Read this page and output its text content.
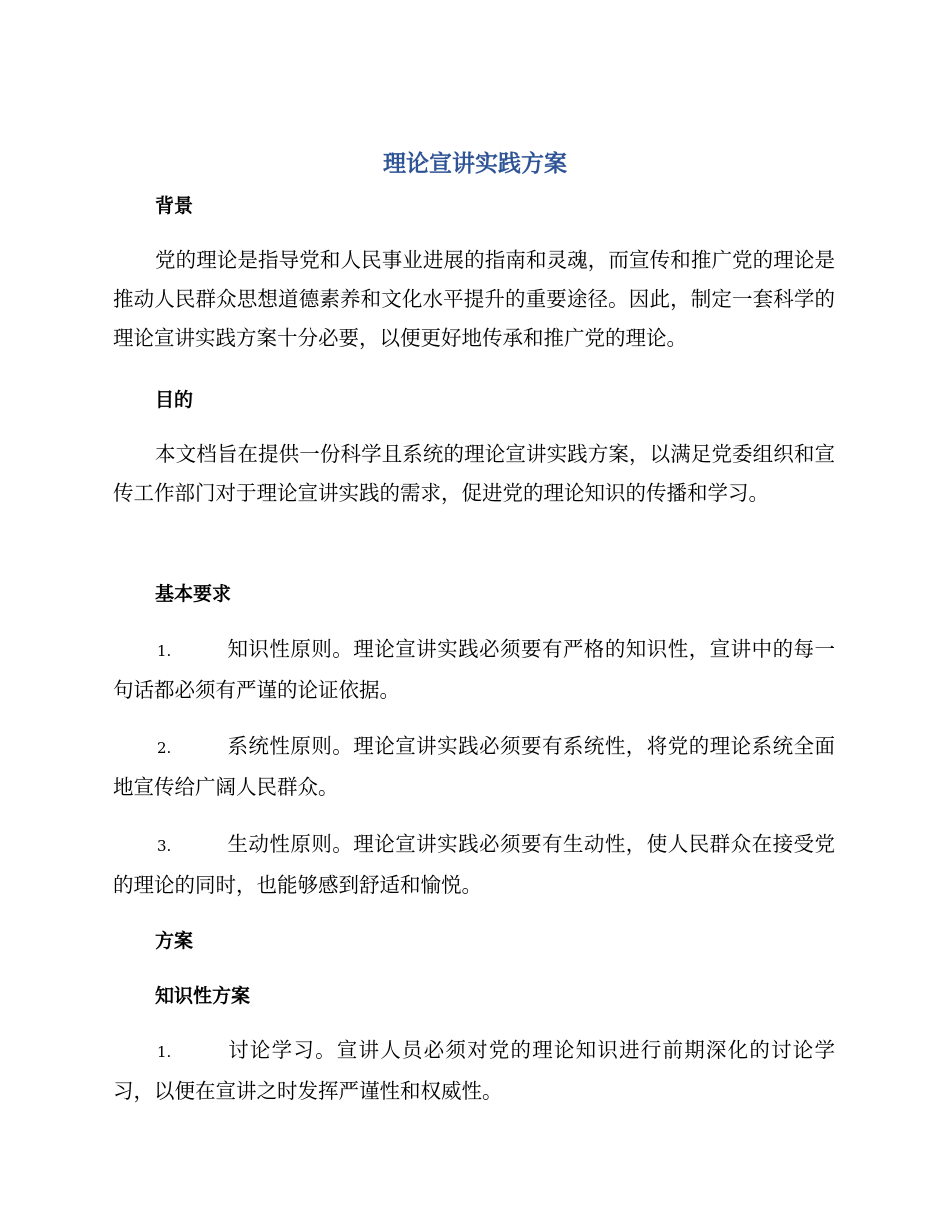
理论宣讲实践方案
背景
党的理论是指导党和人民事业进展的指南和灵魂，而宣传和推广党的理论是推动人民群众思想道德素养和文化水平提升的重要途径。因此，制定一套科学的理论宣讲实践方案十分必要，以便更好地传承和推广党的理论。
目的
本文档旨在提供一份科学且系统的理论宣讲实践方案，以满足党委组织和宣传工作部门对于理论宣讲实践的需求，促进党的理论知识的传播和学习。
基本要求
1.	知识性原则。理论宣讲实践必须要有严格的知识性，宣讲中的每一句话都必须有严谨的论证依据。
2.	系统性原则。理论宣讲实践必须要有系统性，将党的理论系统全面地宣传给广阔人民群众。
3.	生动性原则。理论宣讲实践必须要有生动性，使人民群众在接受党的理论的同时，也能够感到舒适和愉悦。
方案
知识性方案
1.	讨论学习。宣讲人员必须对党的理论知识进行前期深化的讨论学习，以便在宣讲之时发挥严谨性和权威性。
